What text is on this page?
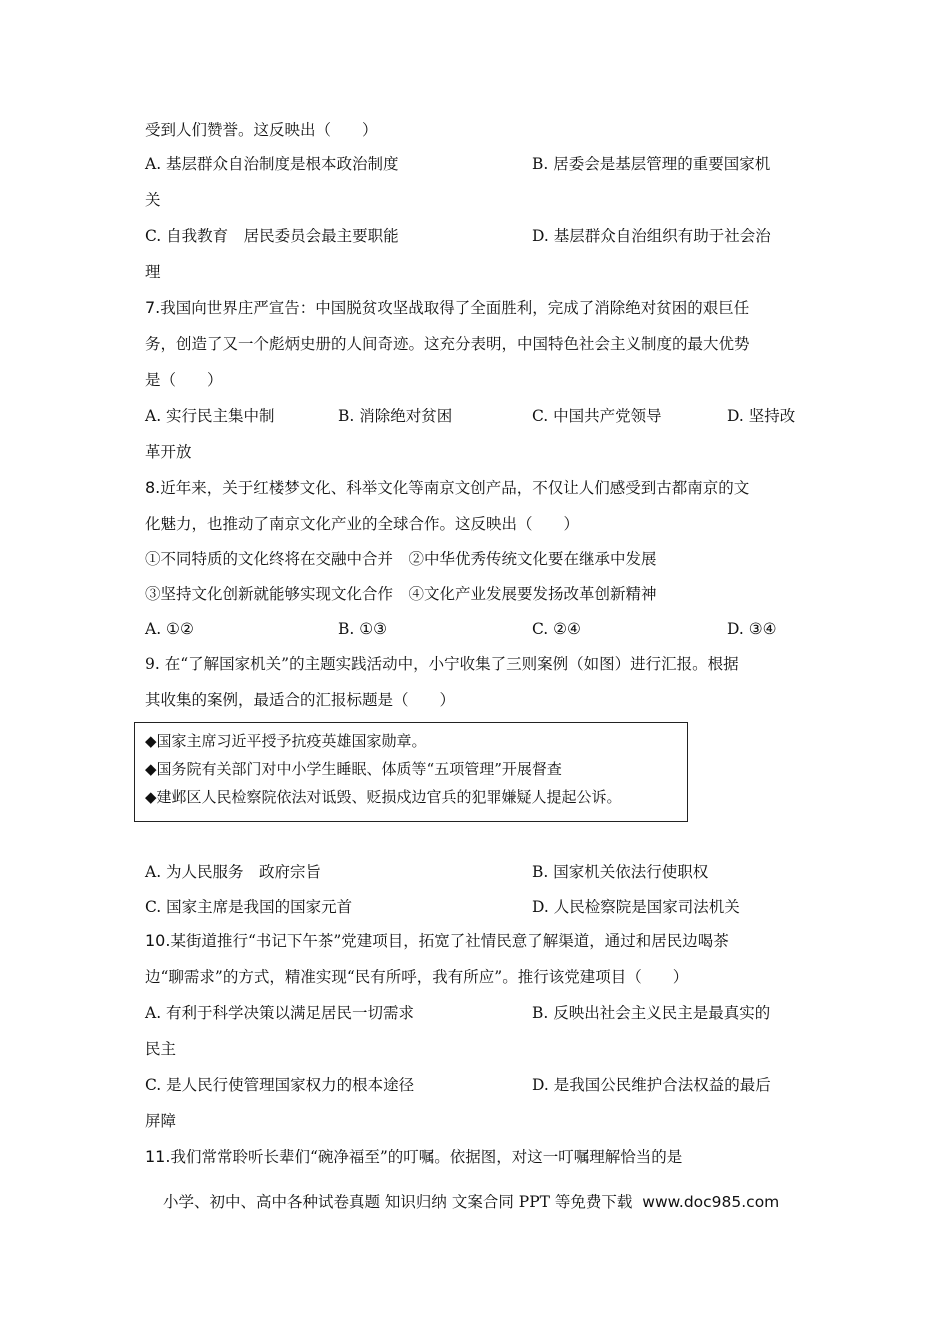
受到人们赞誉。这反映出（　　）
A. 基层群众自治制度是根本政治制度	B. 居委会是基层管理的重要国家机
关
C. 自我教育　居民委员会最主要职能	D. 基层群众自治组织有助于社会治
理
7.我国向世界庄严宣告：中国脱贫攻坚战取得了全面胜利，完成了消除绝对贫困的艰巨任
务，创造了又一个彪炳史册的人间奇迹。这充分表明，中国特色社会主义制度的最大优势
是（　　）
A. 实行民主集中制	B. 消除绝对贫困	C. 中国共产党领导	D. 坚持改
革开放
8.近年来，关于红楼梦文化、科举文化等南京文创产品，不仅让人们感受到古都南京的文
化魅力，也推动了南京文化产业的全球合作。这反映出（　　）
①不同特质的文化终将在交融中合并　②中华优秀传统文化要在继承中发展
③坚持文化创新就能够实现文化合作　④文化产业发展要发扬改革创新精神
A. ①②	B. ①③	C. ②④	D. ③④
9. 在“了解国家机关”的主题实践活动中，小宁收集了三则案例（如图）进行汇报。根据
其收集的案例，最适合的汇报标题是（　　）
◆国家主席习近平授予抗疫英雄国家勋章。
◆国务院有关部门对中小学生睡眠、体质等“五项管理”开展督查
◆建邺区人民检察院依法对诋毁、贬损戍边官兵的犯罪嫌疑人提起公诉。
A. 为人民服务　政府宗旨	B. 国家机关依法行使职权
C. 国家主席是我国的国家元首	D. 人民检察院是国家司法机关
10.某街道推行“书记下午茶”党建项目，拓宽了社情民意了解渠道，通过和居民边喝茶
边“聊需求”的方式，精准实现“民有所呼，我有所应”。推行该党建项目（　　）
A. 有利于科学决策以满足居民一切需求	B. 反映出社会主义民主是最真实的
民主
C. 是人民行使管理国家权力的根本途径	D. 是我国公民维护合法权益的最后
屏障
11.我们常常聆听长辈们“碗净福至”的叮嘱。依据图，对这一叮嘱理解恰当的是
小学、初中、高中各种试卷真题 知识归纳 文案合同 PPT 等免费下载 www.doc985.com
